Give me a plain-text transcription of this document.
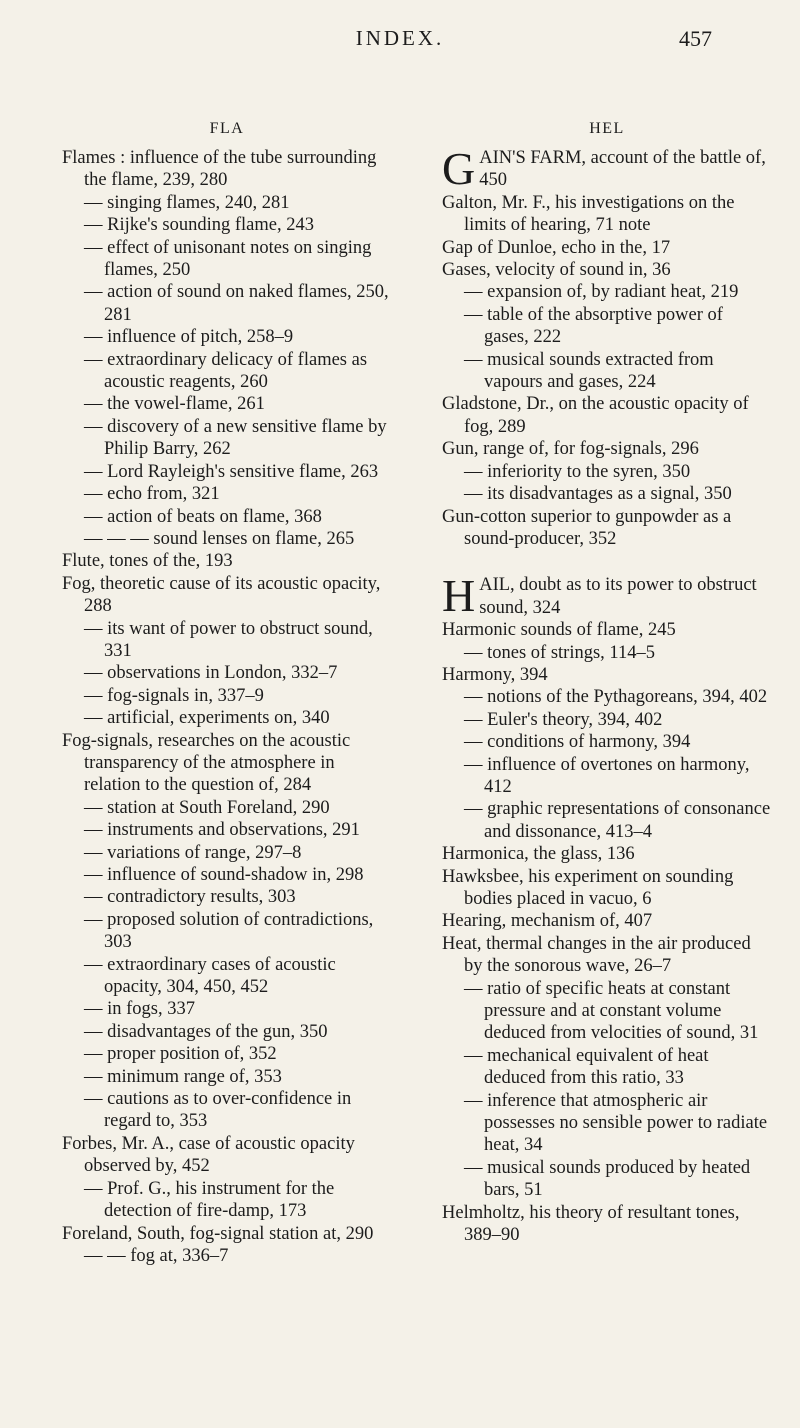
INDEX.	457
FLA

Flames : influence of the tube surrounding the flame, 239, 280

— singing flames, 240, 281

— Rijke's sounding flame, 243

— effect of unisonant notes on singing flames, 250

— action of sound on naked flames, 250, 281

— influence of pitch, 258–9

— extraordinary delicacy of flames as acoustic reagents, 260

— the vowel-flame, 261

— discovery of a new sensitive flame by Philip Barry, 262

— Lord Rayleigh's sensitive flame, 263

— echo from, 321

— action of beats on flame, 368

— — — sound lenses on flame, 265

Flute, tones of the, 193

Fog, theoretic cause of its acoustic opacity, 288

— its want of power to obstruct sound, 331

— observations in London, 332–7

— fog-signals in, 337–9

— artificial, experiments on, 340

Fog-signals, researches on the acoustic transparency of the atmosphere in relation to the question of, 284

— station at South Foreland, 290

— instruments and observations, 291

— variations of range, 297–8

— influence of sound-shadow in, 298

— contradictory results, 303

— proposed solution of contradictions, 303

— extraordinary cases of acoustic opacity, 304, 450, 452

— in fogs, 337

— disadvantages of the gun, 350

— proper position of, 352

— minimum range of, 353

— cautions as to over-confidence in regard to, 353

Forbes, Mr. A., case of acoustic opacity observed by, 452

— Prof. G., his instrument for the detection of fire-damp, 173

Foreland, South, fog-signal station at, 290

— — fog at, 336–7

HEL

GAIN'S FARM, account of the battle of, 450

Galton, Mr. F., his investigations on the limits of hearing, 71 note

Gap of Dunloe, echo in the, 17

Gases, velocity of sound in, 36

— expansion of, by radiant heat, 219

— table of the absorptive power of gases, 222

— musical sounds extracted from vapours and gases, 224

Gladstone, Dr., on the acoustic opacity of fog, 289

Gun, range of, for fog-signals, 296

— inferiority to the syren, 350

— its disadvantages as a signal, 350

Gun-cotton superior to gunpowder as a sound-producer, 352

HAIL, doubt as to its power to obstruct sound, 324

Harmonic sounds of flame, 245

— tones of strings, 114–5

Harmony, 394

— notions of the Pythagoreans, 394, 402

— Euler's theory, 394, 402

— conditions of harmony, 394

— influence of overtones on harmony, 412

— graphic representations of consonance and dissonance, 413–4

Harmonica, the glass, 136

Hawksbee, his experiment on sounding bodies placed in vacuo, 6

Hearing, mechanism of, 407

Heat, thermal changes in the air produced by the sonorous wave, 26–7

— ratio of specific heats at constant pressure and at constant volume deduced from velocities of sound, 31

— mechanical equivalent of heat deduced from this ratio, 33

— inference that atmospheric air possesses no sensible power to radiate heat, 34

— musical sounds produced by heated bars, 51

Helmholtz, his theory of resultant tones, 389–90
